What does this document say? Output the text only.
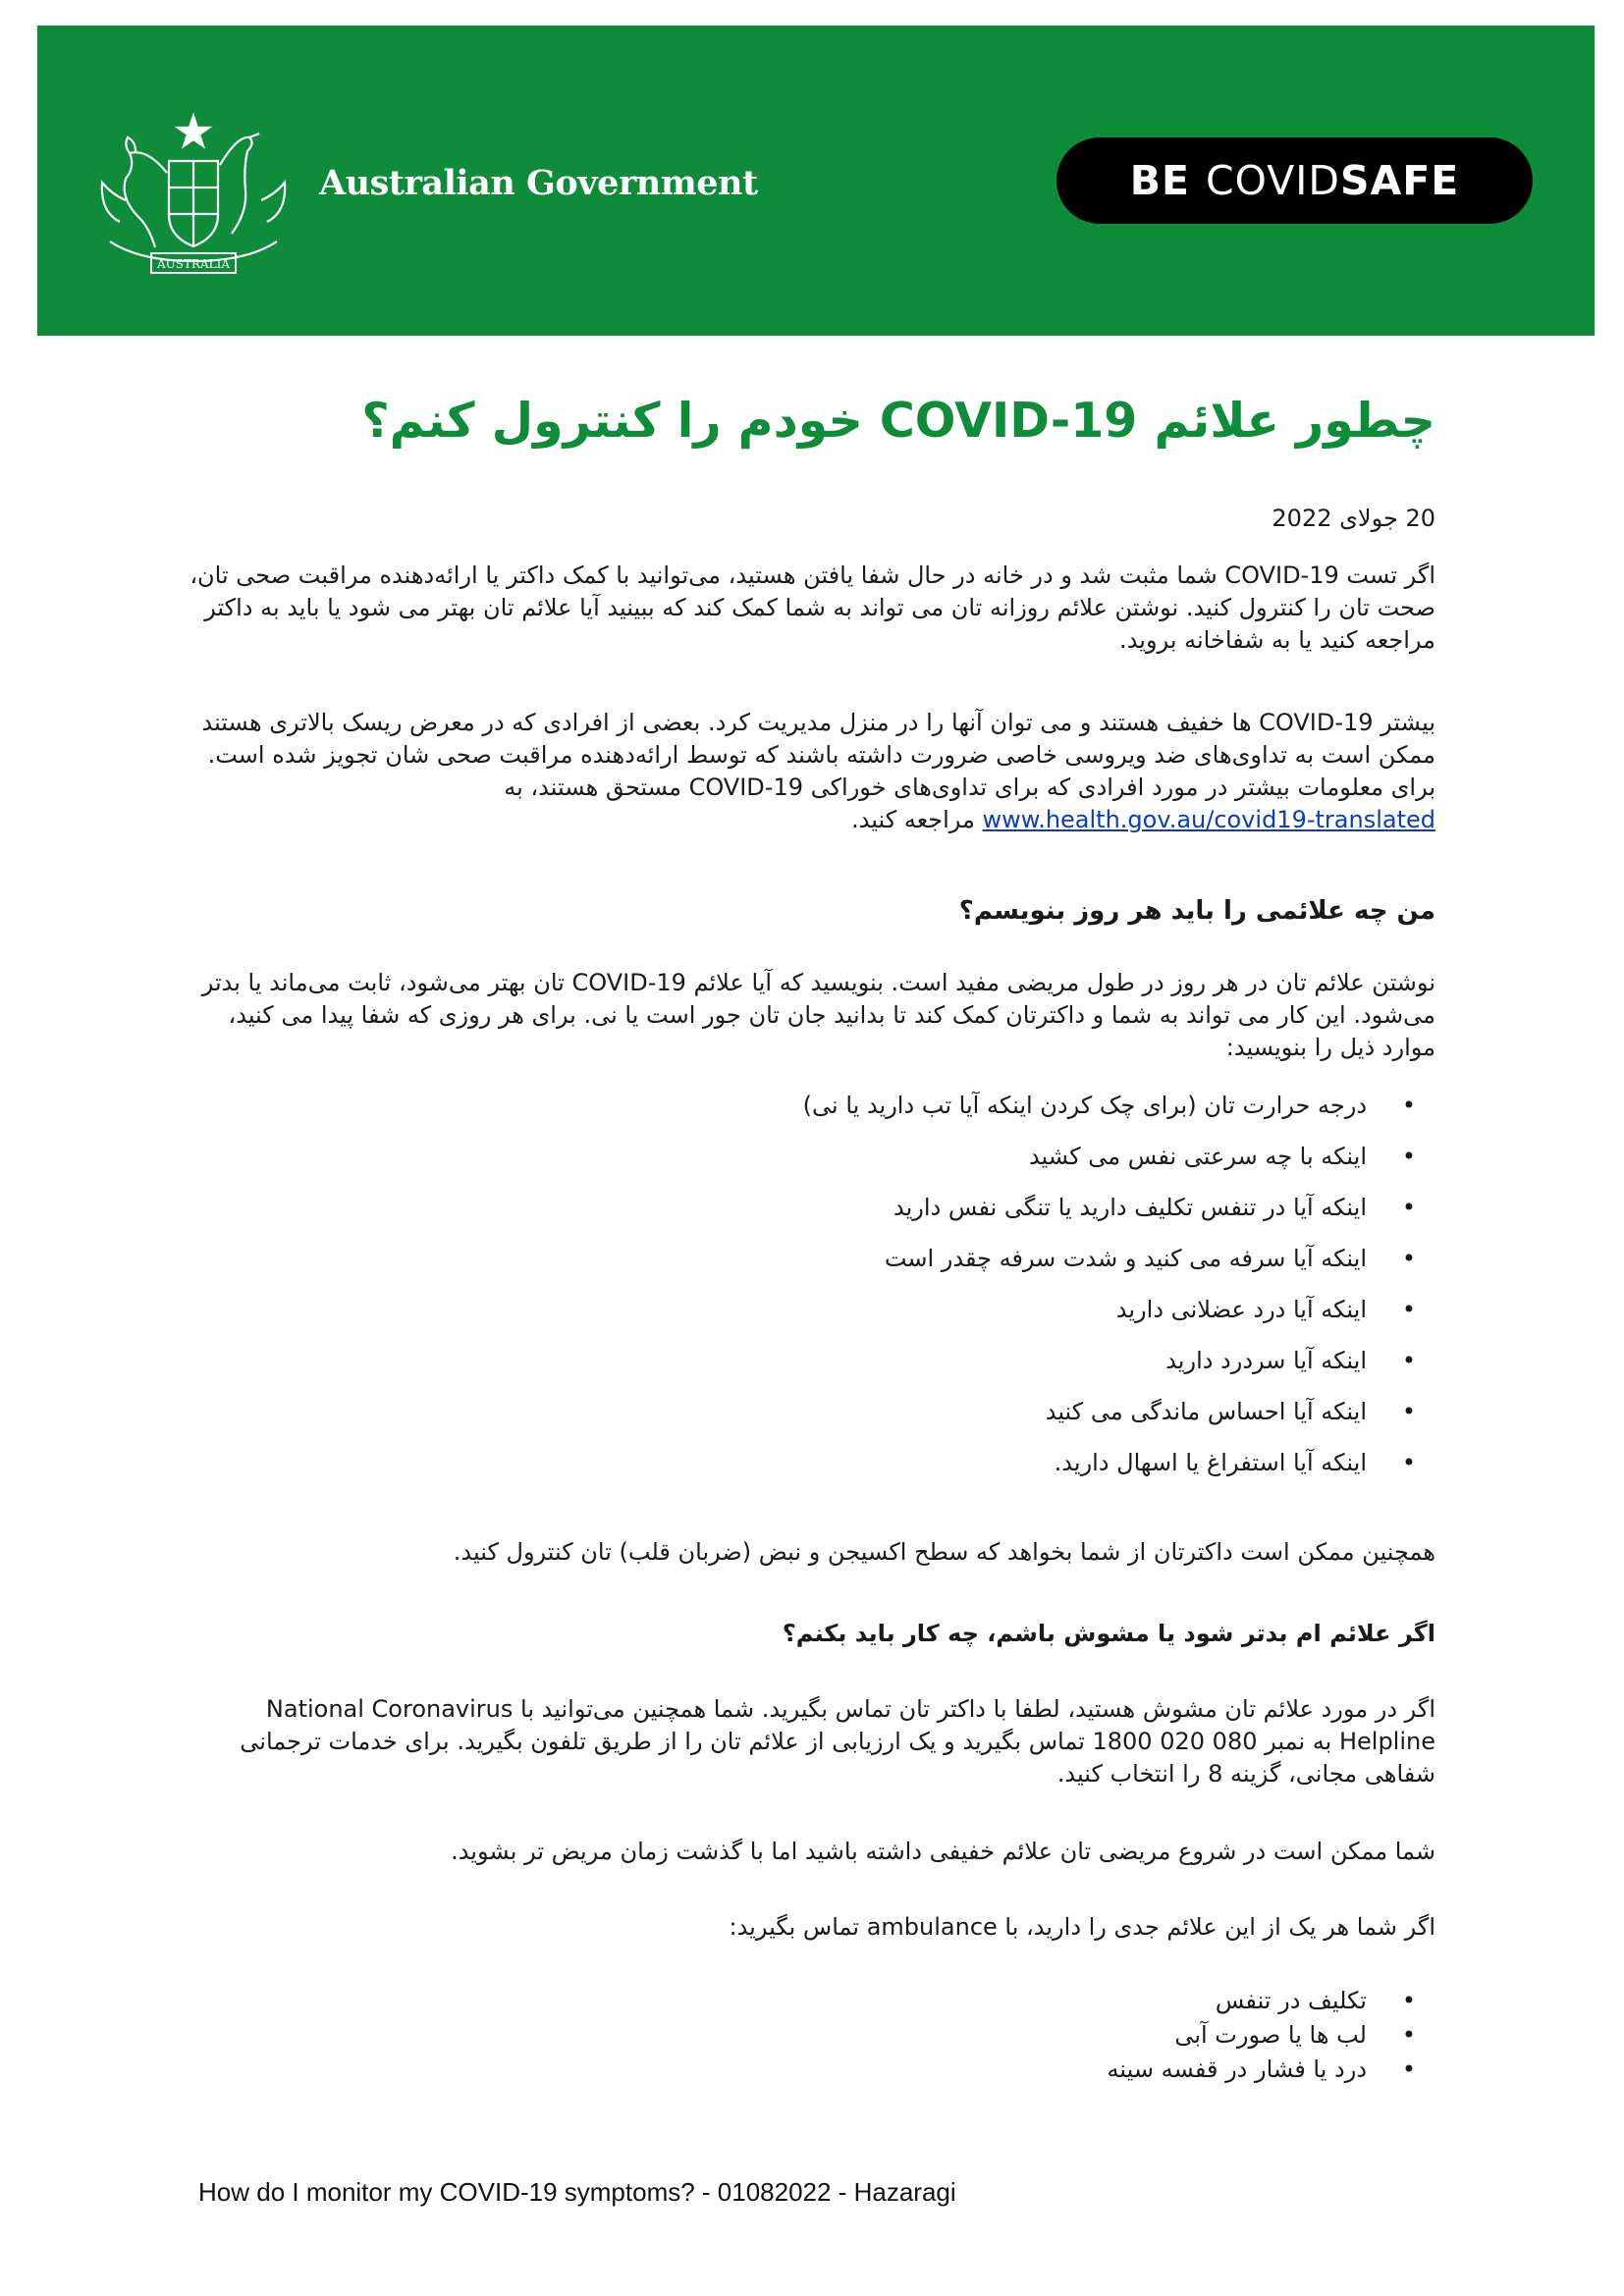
AUSTRALIA
Australian Government	BE COVID SAFE
چطور علائم COVID-19 خودم را کنترول کنم؟
20 جولای 2022
اگر تست COVID-19 شما مثبت شد و در خانه در حال شفا یافتن هستید، می‌توانید با کمک داکتر یا ارائه‌دهنده مراقبت صحی تان، صحت تان را کنترول کنید. نوشتن علائم روزانه تان می تواند به شما کمک کند که ببینید آیا علائم تان بهتر می شود یا باید به داکتر مراجعه کنید یا به شفاخانه بروید.
بیشتر COVID-19 ها خفیف هستند و می توان آنها را در منزل مدیریت کرد. بعضی از افرادی که در معرض ریسک بالاتری هستند ممکن است به تداوی‌های ضد ویروسی خاصی ضرورت داشته باشند که توسط ارائه‌دهنده مراقبت صحی شان تجویز شده است. برای معلومات بیشتر در مورد افرادی که برای تداوی‌های خوراکی COVID-19 مستحق هستند، به www.health.gov.au/covid19-translated مراجعه کنید.
من چه علائمی را باید هر روز بنویسم؟
نوشتن علائم تان در هر روز در طول مریضی مفید است. بنویسید که آیا علائم COVID-19 تان بهتر می‌شود، ثابت می‌ماند یا بدتر می‌شود. این کار می تواند به شما و داکترتان کمک کند تا بدانید جان تان جور است یا نی. برای هر روزی که شفا پیدا می کنید، موارد ذیل را بنویسید:
• درجه حرارت تان (برای چک کردن اینکه آیا تب دارید یا نی)
• اینکه با چه سرعتی نفس می کشید
• اینکه آیا در تنفس تکلیف دارید یا تنگی نفس دارید
• اینکه آیا سرفه می کنید و شدت سرفه چقدر است
• اینکه آیا درد عضلانی دارید
• اینکه آیا سردرد دارید
• اینکه آیا احساس ماندگی می کنید
• اینکه آیا استفراغ یا اسهال دارید.
همچنین ممکن است داکترتان از شما بخواهد که سطح اکسیجن و نبض (ضربان قلب) تان کنترول کنید.
اگر علائم ام بدتر شود یا مشوش باشم، چه کار باید بکنم؟
اگر در مورد علائم تان مشوش هستید، لطفا با داکتر تان تماس بگیرید. شما همچنین می‌توانید با National Coronavirus Helpline به نمبر 080 020 1800 تماس بگیرید و یک ارزیابی از علائم تان را از طریق تلفون بگیرید. برای خدمات ترجمانی شفاهی مجانی، گزینه 8 را انتخاب کنید.
شما ممکن است در شروع مریضی تان علائم خفیفی داشته باشید اما با گذشت زمان مریض تر بشوید.
اگر شما هر یک از این علائم جدی را دارید، با ambulance تماس بگیرید:
• تکلیف در تنفس
• لب ها یا صورت آبی
• درد یا فشار در قفسه سینه
How do I monitor my COVID-19 symptoms? - 01082022 - Hazaragi
